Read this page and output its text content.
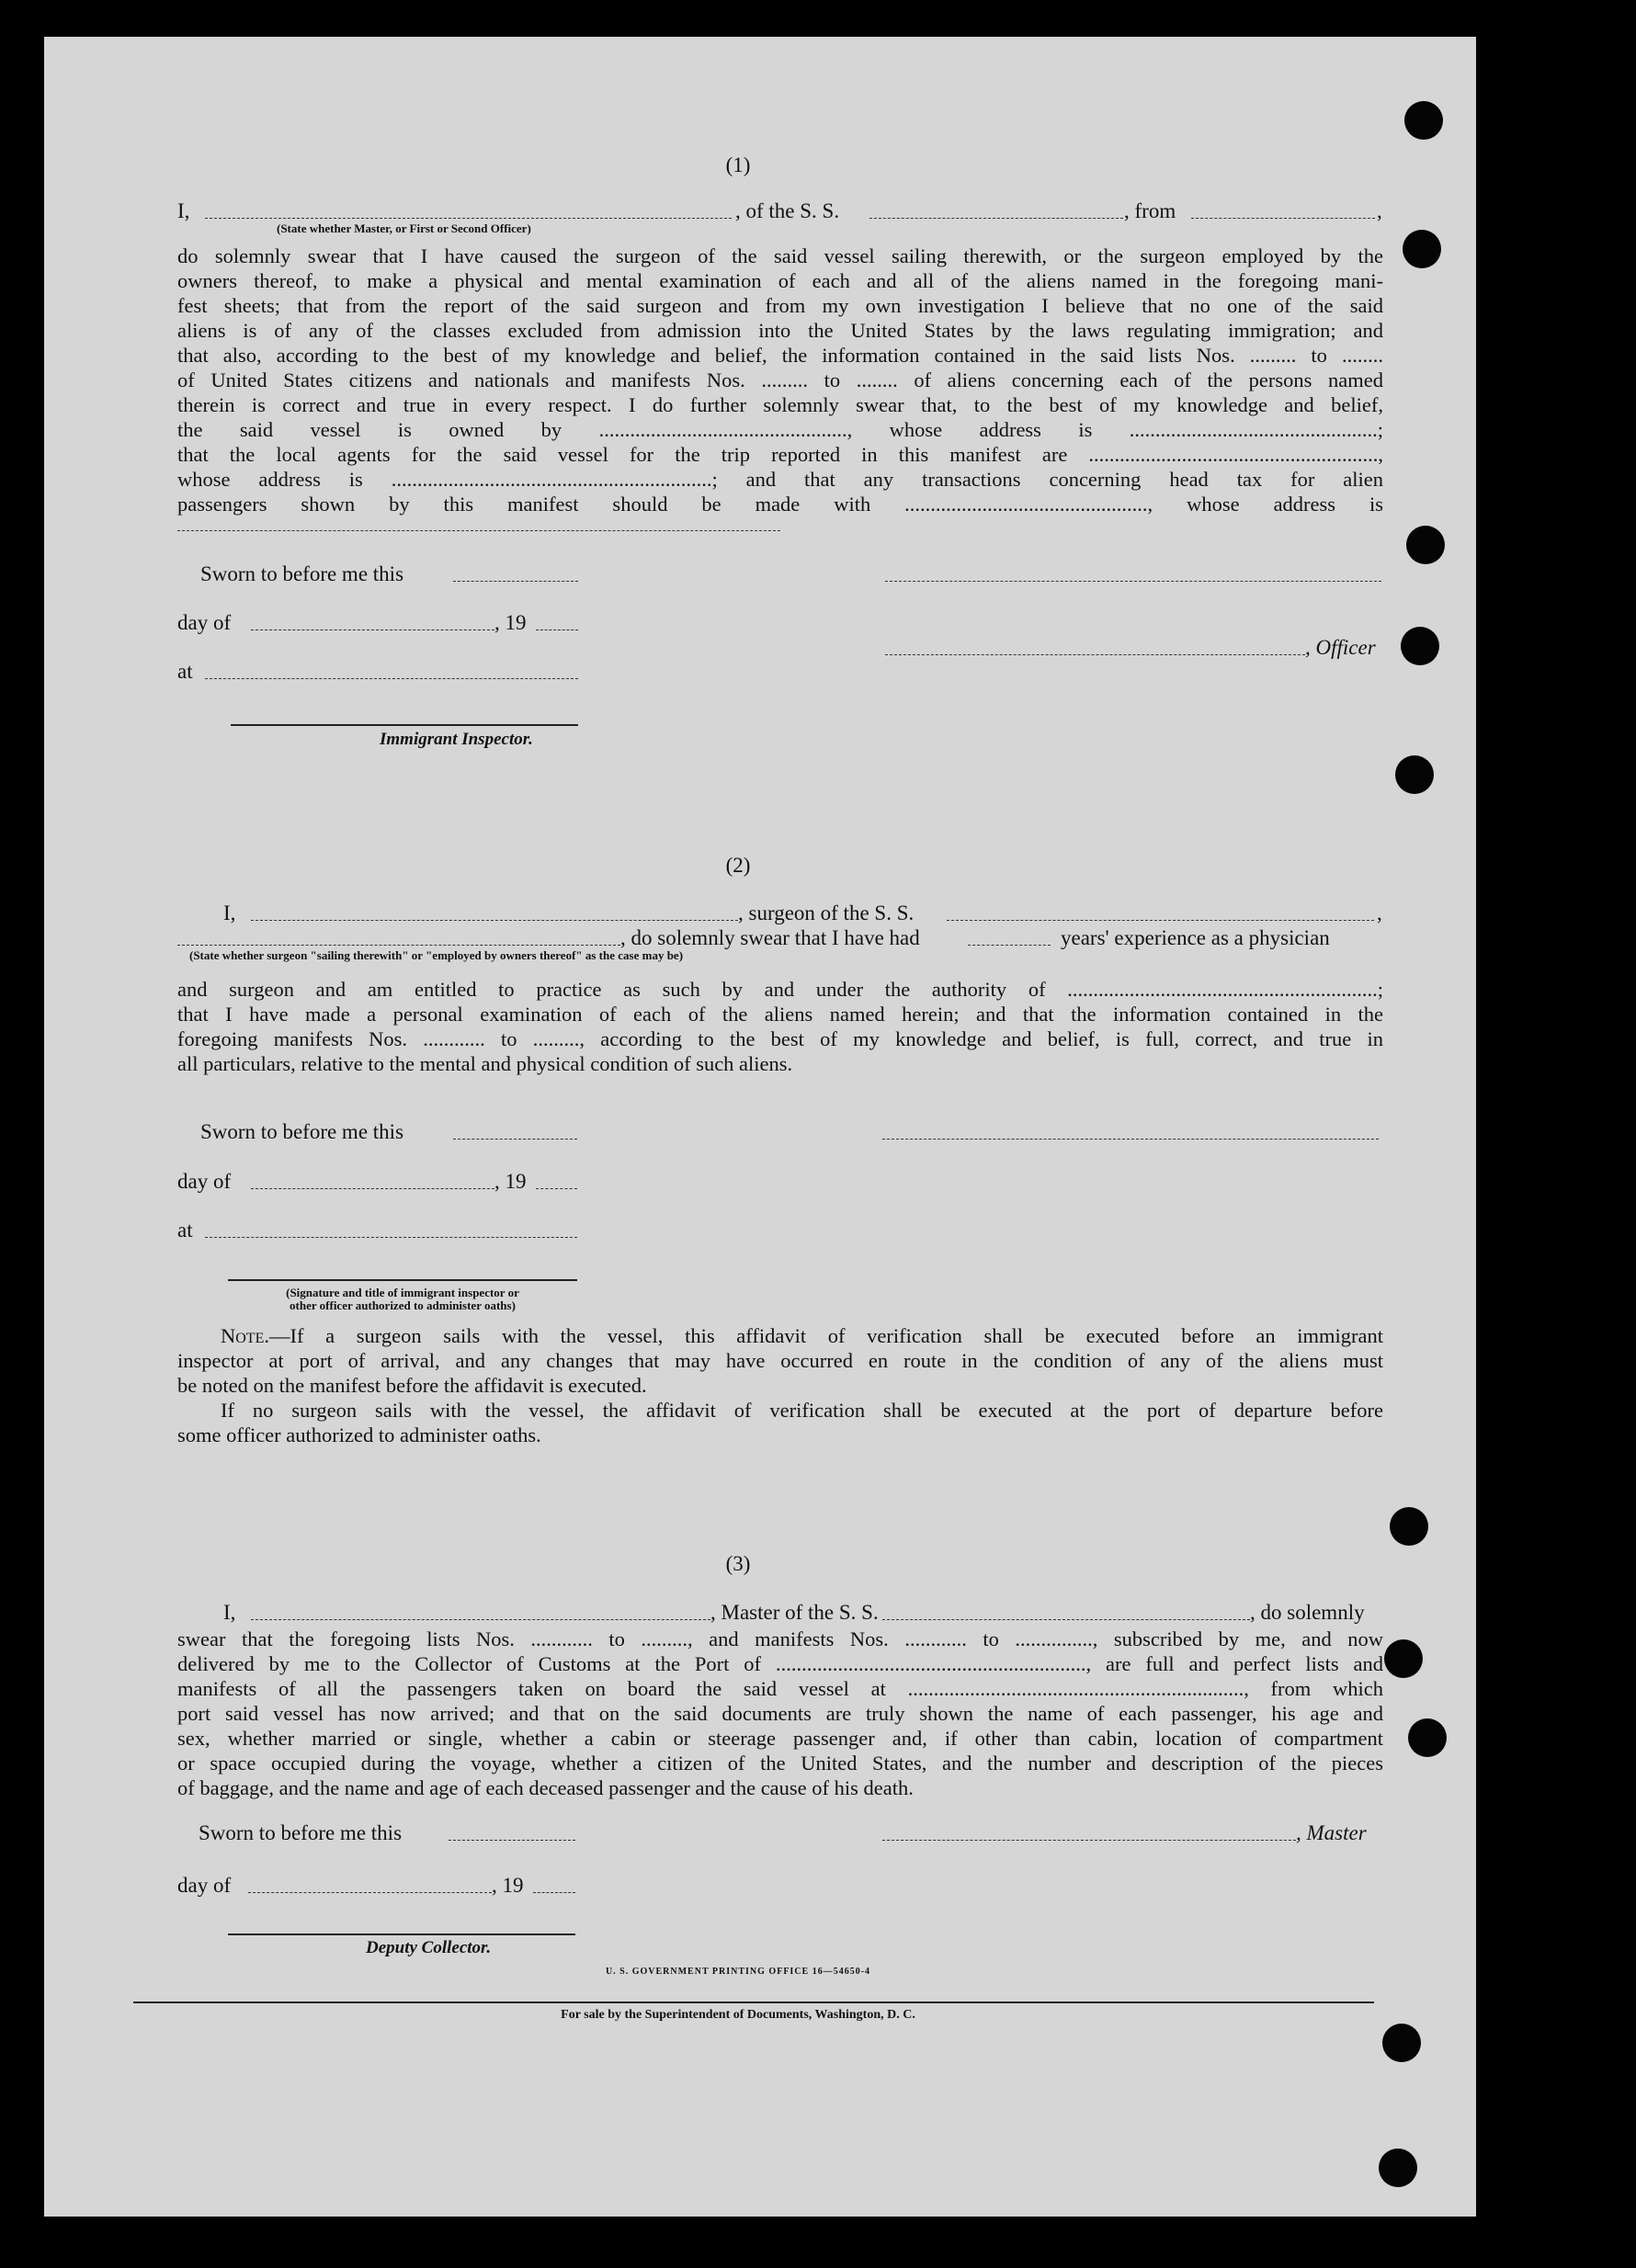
(1)
I,	, of the S. S.	, from	,
(State whether Master, or First or Second Officer)
do solemnly swear that I have caused the surgeon of the said vessel sailing therewith, or the surgeon employed by the
owners thereof, to make a physical and mental examination of each and all of the aliens named in the foregoing mani-
fest sheets; that from the report of the said surgeon and from my own investigation I believe that no one of the said
aliens is of any of the classes excluded from admission into the United States by the laws regulating immigration; and
that also, according to the best of my knowledge and belief, the information contained in the said lists Nos. ......... to ........
of United States citizens and nationals and manifests Nos. ......... to ........ of aliens concerning each of the persons named
therein is correct and true in every respect. I do further solemnly swear that, to the best of my knowledge and belief,
the said vessel is owned by ................................................, whose address is ................................................;
that the local agents for the said vessel for the trip reported in this manifest are ........................................................,
whose address is ..............................................................; and that any transactions concerning head tax for alien
passengers shown by this manifest should be made with ..............................................., whose address is
Sworn to before me this
day of	, 19
, Officer
at
Immigrant Inspector.
(2)
I,	, surgeon of the S. S.	,
, do solemnly swear that I have had	years' experience as a physician
(State whether surgeon "sailing therewith" or "employed by owners thereof" as the case may be)
and surgeon and am entitled to practice as such by and under the authority of ............................................................;
that I have made a personal examination of each of the aliens named herein; and that the information contained in the
foregoing manifests Nos. ............ to ........., according to the best of my knowledge and belief, is full, correct, and true in
all particulars, relative to the mental and physical condition of such aliens.
Sworn to before me this
day of	, 19
at
(Signature and title of immigrant inspector or
other officer authorized to administer oaths)
Note.—If a surgeon sails with the vessel, this affidavit of verification shall be executed before an immigrant
inspector at port of arrival, and any changes that may have occurred en route in the condition of any of the aliens must
be noted on the manifest before the affidavit is executed.
If no surgeon sails with the vessel, the affidavit of verification shall be executed at the port of departure before
some officer authorized to administer oaths.
(3)
I,	, Master of the S. S.	, do solemnly
swear that the foregoing lists Nos. ............ to ........., and manifests Nos. ............ to ..............., subscribed by me, and now
delivered by me to the Collector of Customs at the Port of ............................................................, are full and perfect lists and
manifests of all the passengers taken on board the said vessel at ................................................................., from which
port said vessel has now arrived; and that on the said documents are truly shown the name of each passenger, his age and
sex, whether married or single, whether a cabin or steerage passenger and, if other than cabin, location of compartment
or space occupied during the voyage, whether a citizen of the United States, and the number and description of the pieces
of baggage, and the name and age of each deceased passenger and the cause of his death.
Sworn to before me this	, Master
day of	, 19
Deputy Collector.
U. S. GOVERNMENT PRINTING OFFICE 16—54650-4
For sale by the Superintendent of Documents, Washington, D. C.
